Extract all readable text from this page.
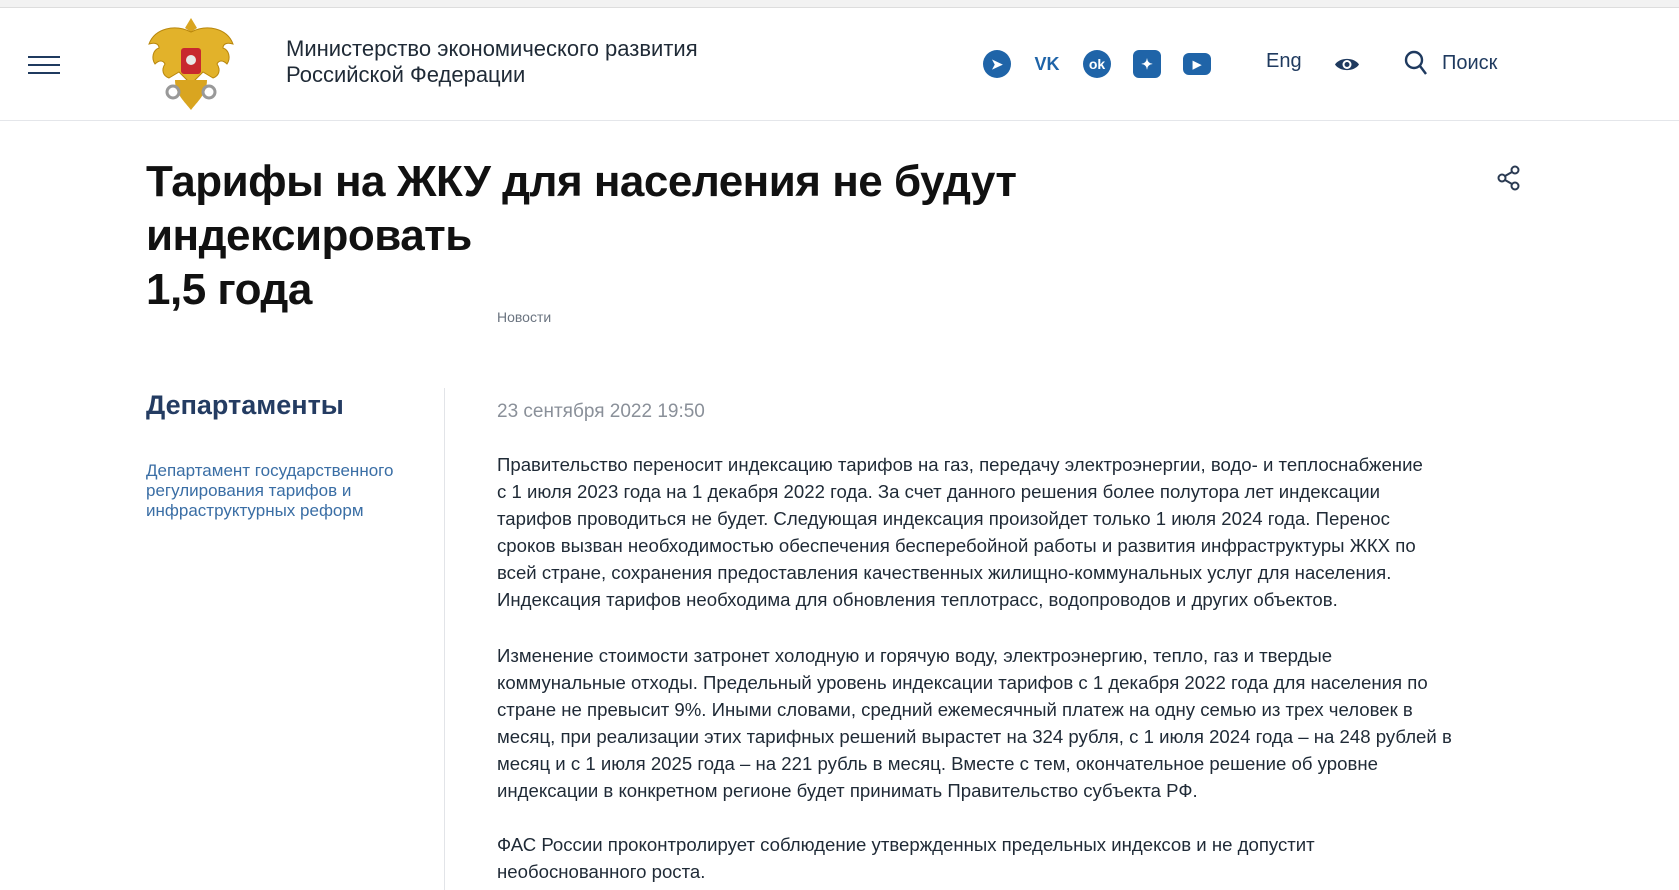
Министерство экономического развития
Российской Федерации	➤	VK	ok	✦	▶	Eng	Поиск
Тарифы на ЖКУ для населения не будут индексировать
1,5 года
Новости
Департаменты
Департамент государственного регулирования тарифов и инфраструктурных реформ
23 сентября 2022 19:50
Правительство переносит индексацию тарифов на газ, передачу электроэнергии, водо- и теплоснабжение
с 1 июля 2023 года на 1 декабря 2022 года. За счет данного решения более полутора лет индексации
тарифов проводиться не будет. Следующая индексация произойдет только 1 июля 2024 года. Перенос
сроков вызван необходимостью обеспечения бесперебойной работы и развития инфраструктуры ЖКХ по
всей стране, сохранения предоставления качественных жилищно-коммунальных услуг для населения.
Индексация тарифов необходима для обновления теплотрасс, водопроводов и других объектов.
Изменение стоимости затронет холодную и горячую воду, электроэнергию, тепло, газ и твердые
коммунальные отходы. Предельный уровень индексации тарифов с 1 декабря 2022 года для населения по
стране не превысит 9%. Иными словами, средний ежемесячный платеж на одну семью из трех человек в
месяц, при реализации этих тарифных решений вырастет на 324 рубля, с 1 июля 2024 года – на 248 рублей в
месяц и с 1 июля 2025 года – на 221 рубль в месяц. Вместе с тем, окончательное решение об уровне
индексации в конкретном регионе будет принимать Правительство субъекта РФ.
ФАС России проконтролирует соблюдение утвержденных предельных индексов и не допустит
необоснованного роста.
